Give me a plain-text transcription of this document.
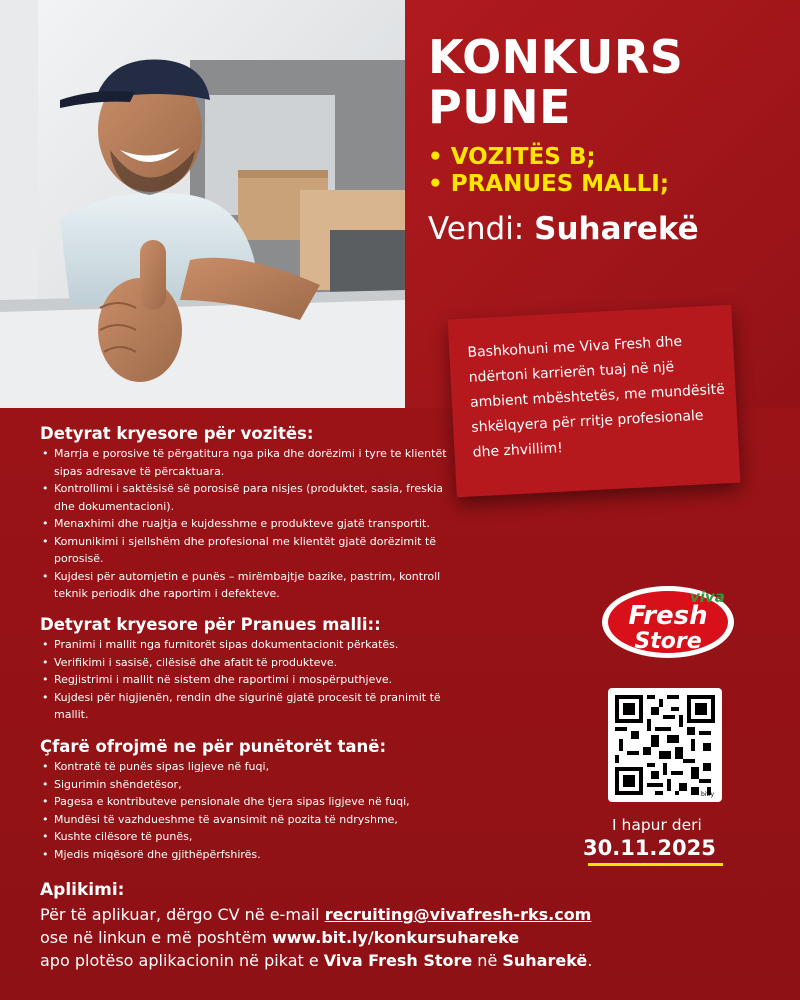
KONKURS
PUNE
• VOZITËS B;
• PRANUES MALLI;
Vendi: Suharekë
Bashkohuni me Viva Fresh dhe ndërtoni karrierën tuaj në një ambient mbështetës, me mundësitë shkëlqyera për rritje profesionale dhe zhvillim!
Detyrat kryesore për vozitës:
• Marrja e porosive të përgatitura nga pika dhe dorëzimi i tyre te klientët sipas adresave të përcaktuara.
• Kontrollimi i saktësisë së porosisë para nisjes (produktet, sasia, freskia dhe dokumentacioni).
• Menaxhimi dhe ruajtja e kujdesshme e produkteve gjatë transportit.
• Komunikimi i sjellshëm dhe profesional me klientët gjatë dorëzimit të porosisë.
• Kujdesi për automjetin e punës – mirëmbajtje bazike, pastrim, kontroll teknik periodik dhe raportim i defekteve.
Detyrat kryesore për Pranues malli::
• Pranimi i mallit nga furnitorët sipas dokumentacionit përkatës.
• Verifikimi i sasisë, cilësisë dhe afatit të produkteve.
• Regjistrimi i mallit në sistem dhe raportimi i mospërputhjeve.
• Kujdesi për higjienën, rendin dhe sigurinë gjatë procesit të pranimit të mallit.
Çfarë ofrojmë ne për punëtorët tanë:
• Kontratë të punës sipas ligjeve në fuqi,
• Sigurimin shëndetësor,
• Pagesa e kontributeve pensionale dhe tjera sipas ligjeve në fuqi,
• Mundësi të vazhdueshme të avansimit në pozita të ndryshme,
• Kushte cilësore të punës,
• Mjedis miqësorë dhe gjithëpërfshirës.
viva
Fresh
Store
bitly
I hapur deri
30.11.2025
Aplikimi:
Për të aplikuar, dërgo CV në e-mail recruiting@vivafresh-rks.com
ose në linkun e më poshtëm www.bit.ly/konkursuhareke
apo plotëso aplikacionin në pikat e Viva Fresh Store në Suharekë.
